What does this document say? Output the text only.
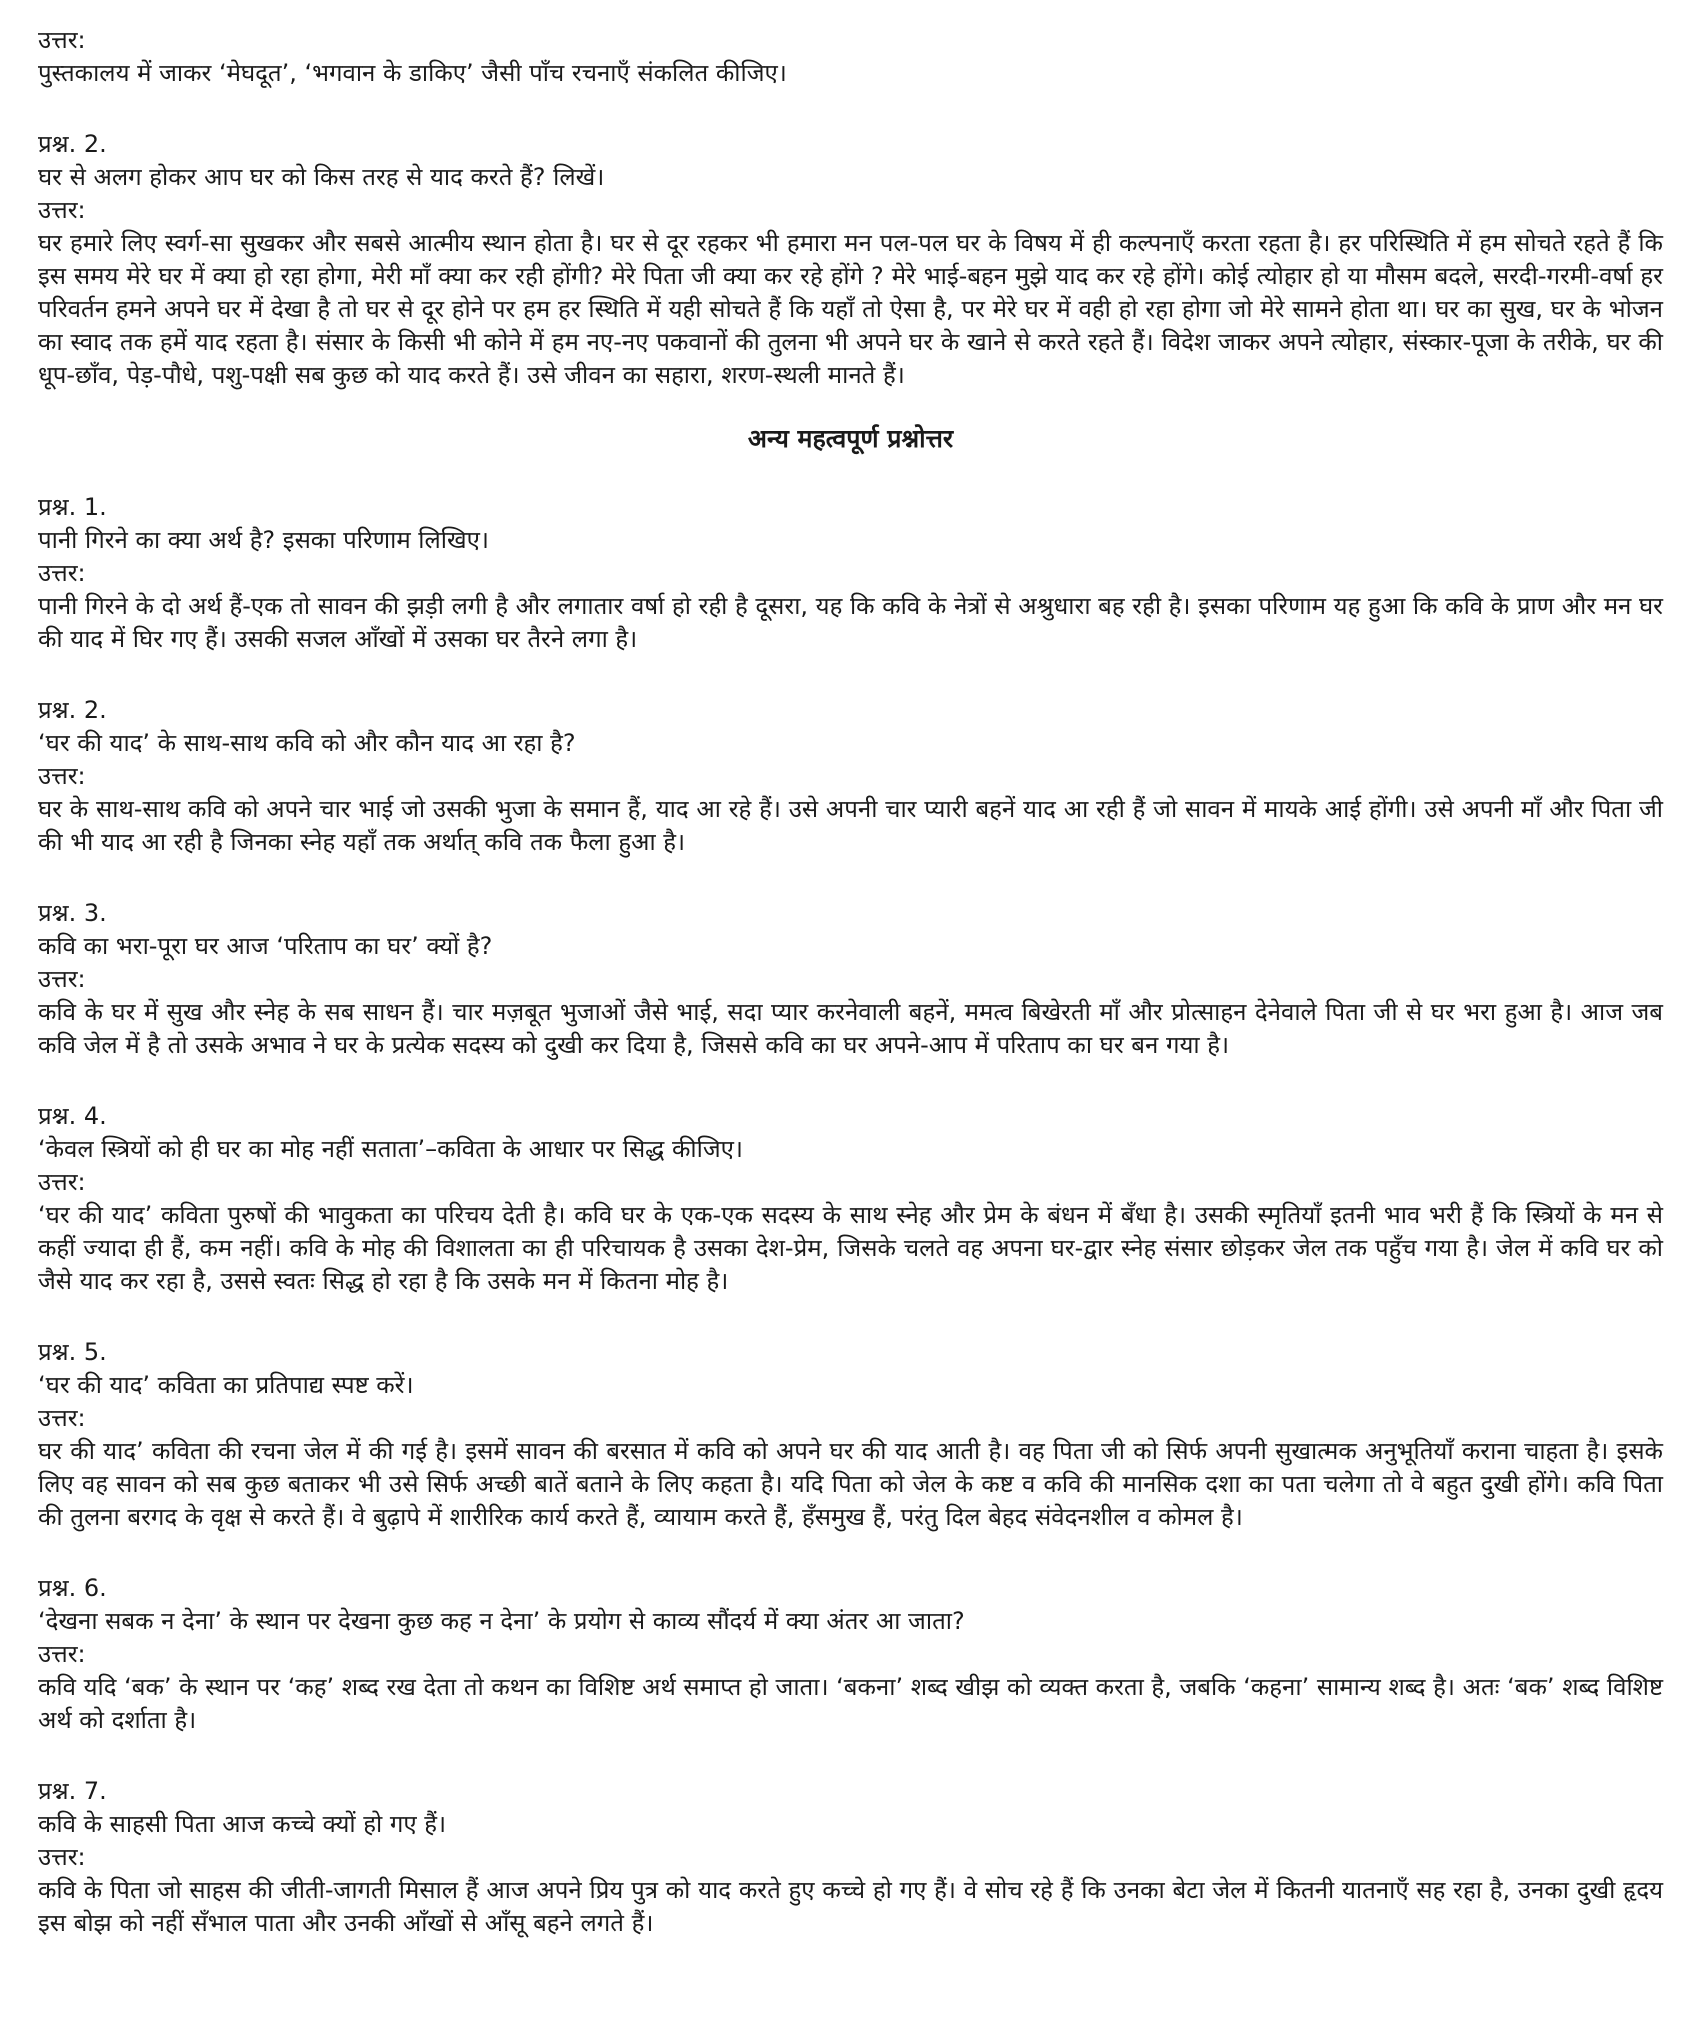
उत्तर:

पुस्तकालय में जाकर ‘मेघदूत’, ‘भगवान के डाकिए’ जैसी पाँच रचनाएँ संकलित कीजिए।

प्रश्न. 2.

घर से अलग होकर आप घर को किस तरह से याद करते हैं? लिखें।

उत्तर:

घर हमारे लिए स्वर्ग-सा सुखकर और सबसे आत्मीय स्थान होता है। घर से दूर रहकर भी हमारा मन पल-पल घर के विषय में ही कल्पनाएँ करता रहता है। हर परिस्थिति में हम सोचते रहते हैं कि इस समय मेरे घर में क्या हो रहा होगा, मेरी माँ क्या कर रही होंगी? मेरे पिता जी क्या कर रहे होंगे ? मेरे भाई-बहन मुझे याद कर रहे होंगे। कोई त्योहार हो या मौसम बदले, सरदी-गरमी-वर्षा हर परिवर्तन हमने अपने घर में देखा है तो घर से दूर होने पर हम हर स्थिति में यही सोचते हैं कि यहाँ तो ऐसा है, पर मेरे घर में वही हो रहा होगा जो मेरे सामने होता था। घर का सुख, घर के भोजन का स्वाद तक हमें याद रहता है। संसार के किसी भी कोने में हम नए-नए पकवानों की तुलना भी अपने घर के खाने से करते रहते हैं। विदेश जाकर अपने त्योहार, संस्कार-पूजा के तरीके, घर की धूप-छाँव, पेड़-पौधे, पशु-पक्षी सब कुछ को याद करते हैं। उसे जीवन का सहारा, शरण-स्थली मानते हैं।

अन्य महत्वपूर्ण प्रश्नोत्तर

प्रश्न. 1.

पानी गिरने का क्या अर्थ है? इसका परिणाम लिखिए।

उत्तर:

पानी गिरने के दो अर्थ हैं-एक तो सावन की झड़ी लगी है और लगातार वर्षा हो रही है दूसरा, यह कि कवि के नेत्रों से अश्रुधारा बह रही है। इसका परिणाम यह हुआ कि कवि के प्राण और मन घर की याद में घिर गए हैं। उसकी सजल आँखों में उसका घर तैरने लगा है।

प्रश्न. 2.

‘घर की याद’ के साथ-साथ कवि को और कौन याद आ रहा है?

उत्तर:

घर के साथ-साथ कवि को अपने चार भाई जो उसकी भुजा के समान हैं, याद आ रहे हैं। उसे अपनी चार प्यारी बहनें याद आ रही हैं जो सावन में मायके आई होंगी। उसे अपनी माँ और पिता जी की भी याद आ रही है जिनका स्नेह यहाँ तक अर्थात् कवि तक फैला हुआ है।

प्रश्न. 3.

कवि का भरा-पूरा घर आज ‘परिताप का घर’ क्यों है?

उत्तर:

कवि के घर में सुख और स्नेह के सब साधन हैं। चार मज़बूत भुजाओं जैसे भाई, सदा प्यार करनेवाली बहनें, ममत्व बिखेरती माँ और प्रोत्साहन देनेवाले पिता जी से घर भरा हुआ है। आज जब कवि जेल में है तो उसके अभाव ने घर के प्रत्येक सदस्य को दुखी कर दिया है, जिससे कवि का घर अपने-आप में परिताप का घर बन गया है।

प्रश्न. 4.

‘केवल स्त्रियों को ही घर का मोह नहीं सताता’–कविता के आधार पर सिद्ध कीजिए।

उत्तर:

‘घर की याद’ कविता पुरुषों की भावुकता का परिचय देती है। कवि घर के एक-एक सदस्य के साथ स्नेह और प्रेम के बंधन में बँधा है। उसकी स्मृतियाँ इतनी भाव भरी हैं कि स्त्रियों के मन से कहीं ज्यादा ही हैं, कम नहीं। कवि के मोह की विशालता का ही परिचायक है उसका देश-प्रेम, जिसके चलते वह अपना घर-द्वार स्नेह संसार छोड़कर जेल तक पहुँच गया है। जेल में कवि घर को जैसे याद कर रहा है, उससे स्वतः सिद्ध हो रहा है कि उसके मन में कितना मोह है।

प्रश्न. 5.

‘घर की याद’ कविता का प्रतिपाद्य स्पष्ट करें।

उत्तर:

घर की याद’ कविता की रचना जेल में की गई है। इसमें सावन की बरसात में कवि को अपने घर की याद आती है। वह पिता जी को सिर्फ अपनी सुखात्मक अनुभूतियाँ कराना चाहता है। इसके लिए वह सावन को सब कुछ बताकर भी उसे सिर्फ अच्छी बातें बताने के लिए कहता है। यदि पिता को जेल के कष्ट व कवि की मानसिक दशा का पता चलेगा तो वे बहुत दुखी होंगे। कवि पिता की तुलना बरगद के वृक्ष से करते हैं। वे बुढ़ापे में शारीरिक कार्य करते हैं, व्यायाम करते हैं, हँसमुख हैं, परंतु दिल बेहद संवेदनशील व कोमल है।

प्रश्न. 6.

‘देखना सबक न देना’ के स्थान पर देखना कुछ कह न देना’ के प्रयोग से काव्य सौंदर्य में क्या अंतर आ जाता?

उत्तर:

कवि यदि ‘बक’ के स्थान पर ‘कह’ शब्द रख देता तो कथन का विशिष्ट अर्थ समाप्त हो जाता। ‘बकना’ शब्द खीझ को व्यक्त करता है, जबकि ‘कहना’ सामान्य शब्द है। अतः ‘बक’ शब्द विशिष्ट अर्थ को दर्शाता है।

प्रश्न. 7.

कवि के साहसी पिता आज कच्चे क्यों हो गए हैं।

उत्तर:

कवि के पिता जो साहस की जीती-जागती मिसाल हैं आज अपने प्रिय पुत्र को याद करते हुए कच्चे हो गए हैं। वे सोच रहे हैं कि उनका बेटा जेल में कितनी यातनाएँ सह रहा है, उनका दुखी हृदय इस बोझ को नहीं सँभाल पाता और उनकी आँखों से आँसू बहने लगते हैं।
